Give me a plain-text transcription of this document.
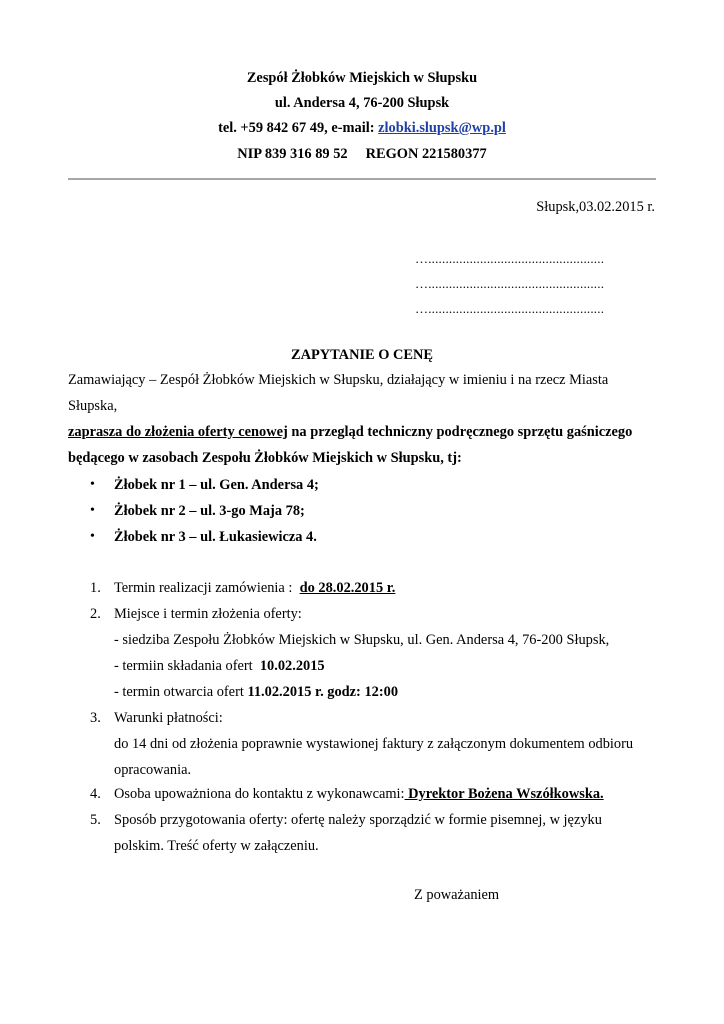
Zespół Żłobków Miejskich w Słupsku
ul. Andersa 4, 76-200 Słupsk
tel. +59 842 67 49, e-mail: zlobki.slupsk@wp.pl
NIP 839 316 89 52     REGON 221580377
Słupsk,03.02.2015 r.
…...................................................
…...................................................
…...................................................
ZAPYTANIE O CENĘ
Zamawiający – Zespół Żłobków Miejskich w Słupsku, działający w imieniu i na rzecz Miasta
Słupska,
zaprasza do złożenia oferty cenowej na przegląd techniczny podręcznego sprzętu gaśniczego
będącego w zasobach Zespołu Żłobków Miejskich w Słupsku, tj:
• Żłobek nr 1 – ul. Gen. Andersa 4;
• Żłobek nr 2 – ul. 3-go Maja 78;
• Żłobek nr 3 – ul. Łukasiewicza 4.
1. Termin realizacji zamówienia :  do 28.02.2015 r.
2. Miejsce i termin złożenia oferty:
- siedziba Zespołu Żłobków Miejskich w Słupsku, ul. Gen. Andersa 4, 76-200 Słupsk,
- termiin składania ofert  10.02.2015
- termin otwarcia ofert 11.02.2015 r. godz: 12:00
3. Warunki płatności:
do 14 dni od złożenia poprawnie wystawionej faktury z załączonym dokumentem odbioru
opracowania.
4. Osoba upoważniona do kontaktu z wykonawcami: Dyrektor Bożena Wszółkowska.
5. Sposób przygotowania oferty: ofertę należy sporządzić w formie pisemnej, w języku
polskim. Treść oferty w załączeniu.
Z poważaniem
